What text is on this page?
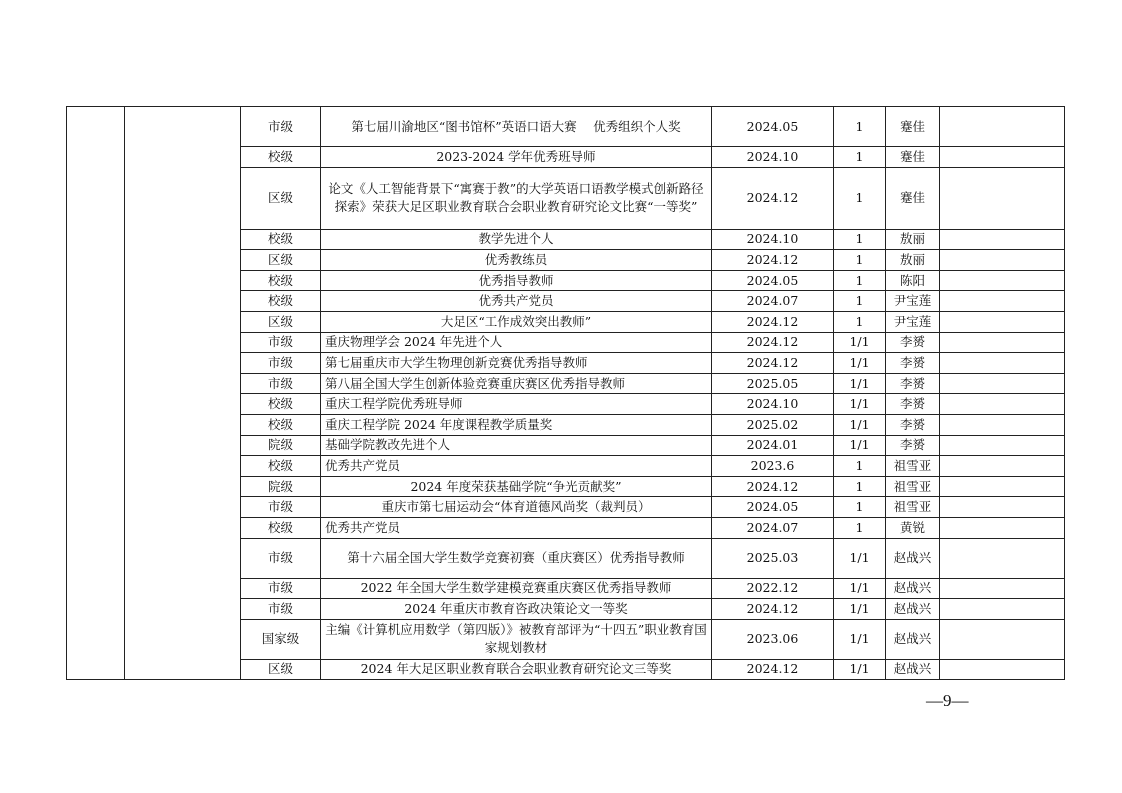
		市级	第七届川渝地区“图书馆杯”英语口语大赛　 优秀组织个人奖	2024.05	1	蹇佳	
		校级	2023-2024 学年优秀班导师	2024.10	1	蹇佳	
		区级	论文《人工智能背景下“寓赛于教”的大学英语口语教学模式创新路径探索》荣获大足区职业教育联合会职业教育研究论文比赛“一等奖”	2024.12	1	蹇佳	
		校级	教学先进个人	2024.10	1	敖丽	
		区级	优秀教练员	2024.12	1	敖丽	
		校级	优秀指导教师	2024.05	1	陈阳	
		校级	优秀共产党员	2024.07	1	尹宝莲	
		区级	大足区“工作成效突出教师”	2024.12	1	尹宝莲	
		市级	重庆物理学会 2024 年先进个人	2024.12	1/1	李赟	
		市级	第七届重庆市大学生物理创新竞赛优秀指导教师	2024.12	1/1	李赟	
		市级	第八届全国大学生创新体验竞赛重庆赛区优秀指导教师	2025.05	1/1	李赟	
		校级	重庆工程学院优秀班导师	2024.10	1/1	李赟	
		校级	重庆工程学院 2024 年度课程教学质量奖	2025.02	1/1	李赟	
		院级	基础学院教改先进个人	2024.01	1/1	李赟	
		校级	优秀共产党员	2023.6	1	祖雪亚	
		院级	2024 年度荣获基础学院“争光贡献奖”	2024.12	1	祖雪亚	
		市级	重庆市第七届运动会“体育道德风尚奖（裁判员）	2024.05	1	祖雪亚	
		校级	优秀共产党员	2024.07	1	黄锐	
		市级	第十六届全国大学生数学竞赛初赛（重庆赛区）优秀指导教师	2025.03	1/1	赵战兴	
		市级	2022 年全国大学生数学建模竞赛重庆赛区优秀指导教师	2022.12	1/1	赵战兴	
		市级	2024 年重庆市教育咨政决策论文一等奖	2024.12	1/1	赵战兴	
		国家级	主编《计算机应用数学（第四版）》被教育部评为“十四五”职业教育国家规划教材	2023.06	1/1	赵战兴	
		区级	2024 年大足区职业教育联合会职业教育研究论文三等奖	2024.12	1/1	赵战兴	
—9—
